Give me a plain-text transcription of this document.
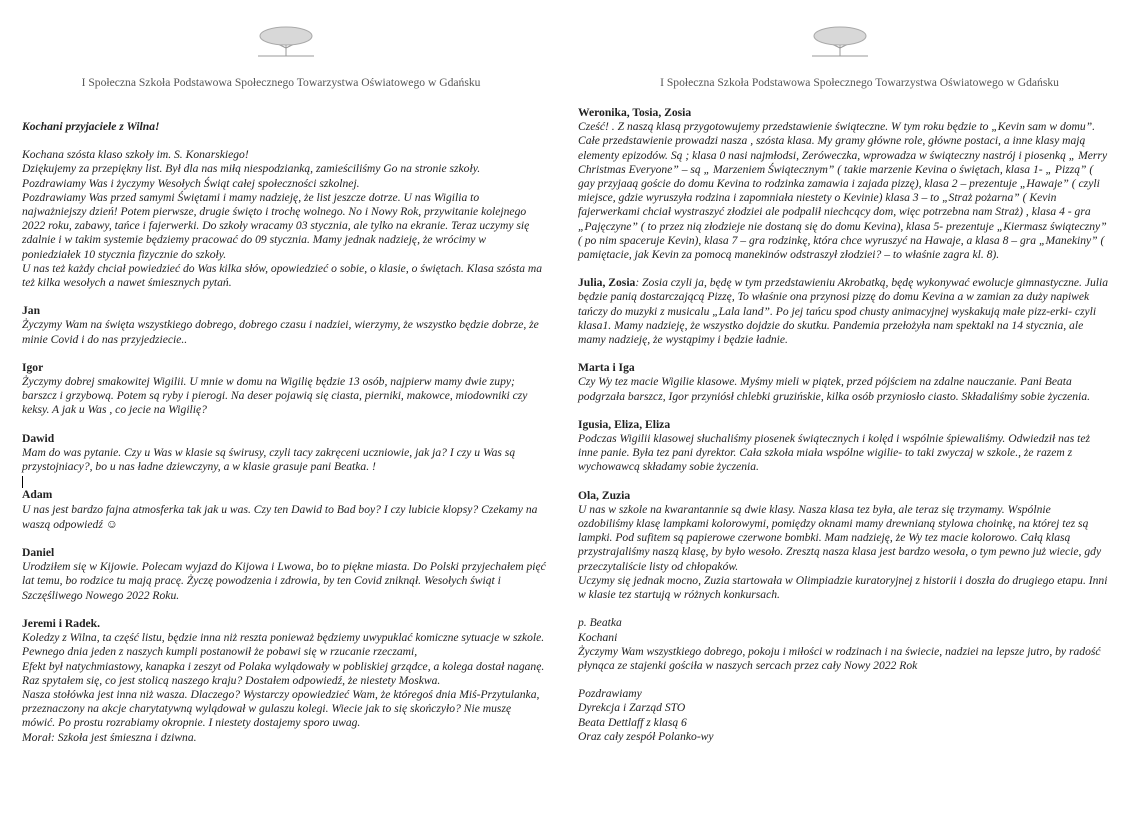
I Społeczna Szkoła Podstawowa Społecznego Towarzystwa Oświatowego w Gdańsku

Kochani przyjaciele z Wilna!

Kochana szósta klaso szkoły im. S. Konarskiego!

Dziękujemy za przepiękny list. Był dla nas miłą niespodzianką, zamieściliśmy Go na stronie szkoły.

Pozdrawiamy Was i życzymy Wesołych Świąt całej społeczności szkolnej.

Pozdrawiamy Was przed samymi Świętami i mamy nadzieję, że list jeszcze dotrze. U nas Wigilia to najważniejszy dzień! Potem pierwsze, drugie święto i trochę wolnego. No i Nowy Rok, przywitanie kolejnego 2022 roku, zabawy, tańce i fajerwerki. Do szkoły wracamy 03 stycznia, ale tylko na ekranie. Teraz uczymy się zdalnie i w takim systemie będziemy pracować do 09 stycznia. Mamy jednak nadzieję, że wrócimy w poniedziałek 10 stycznia fizycznie do szkoły.

U nas też każdy chciał powiedzieć do Was kilka słów, opowiedzieć o sobie, o klasie, o świętach. Klasa szósta ma też kilka wesołych a nawet śmiesznych pytań.

Jan

Życzymy Wam na święta wszystkiego dobrego, dobrego czasu i nadziei, wierzymy, że wszystko będzie dobrze, że minie Covid i do nas przyjedziecie..

Igor

Życzymy dobrej smakowitej Wigilii. U mnie w domu na Wigilię będzie 13 osób, najpierw mamy dwie zupy; barszcz i grzybową. Potem są ryby i pierogi. Na deser pojawią się ciasta, pierniki, makowce, miodowniki czy keksy. A jak u Was , co jecie na Wigilię?

Dawid

Mam do was pytanie. Czy u Was w klasie są świrusy, czyli tacy zakręceni uczniowie, jak ja? I czy u Was są przystojniacy?, bo u nas ładne dziewczyny, a w klasie grasuje pani Beatka. !

Adam

U nas jest bardzo fajna atmosferka tak jak u was. Czy ten Dawid to Bad boy? I czy lubicie klopsy? Czekamy na waszą odpowiedź ☺

Daniel

Urodziłem się w Kijowie. Polecam wyjazd do Kijowa i Lwowa, bo to piękne miasta. Do Polski przyjechałem pięć lat temu, bo rodzice tu mają pracę. Życzę powodzenia i zdrowia, by ten Covid zniknął. Wesołych świąt i Szczęśliwego Nowego 2022 Roku.

Jeremi i Radek.

Koledzy z Wilna, ta część listu, będzie inna niż reszta ponieważ będziemy uwypuklać komiczne sytuacje w szkole.

Pewnego dnia jeden z naszych kumpli postanowił że pobawi się w rzucanie rzeczami,

Efekt był natychmiastowy, kanapka i zeszyt od Polaka wylądowały w pobliskiej grządce, a kolega dostał naganę. Raz spytałem się, co jest stolicą naszego kraju? Dostałem odpowiedź, że niestety Moskwa.

Nasza stołówka jest inna niż wasza. Dlaczego? Wystarczy opowiedzieć Wam, że któregoś dnia Miś-Przytulanka, przeznaczony na akcje charytatywną wylądował w gulaszu kolegi. Wiecie jak to się skończyło? Nie muszę mówić. Po prostu rozrabiamy okropnie. I niestety dostajemy sporo uwag.

Morał: Szkoła jest śmieszna i dziwna.

I Społeczna Szkoła Podstawowa Społecznego Towarzystwa Oświatowego w Gdańsku

Weronika, Tosia, Zosia

Cześć! . Z naszą klasą przygotowujemy przedstawienie świąteczne. W tym roku będzie to „Kevin sam w domu”. Całe przedstawienie prowadzi nasza , szósta klasa. My gramy główne role, główne postaci, a inne klasy mają elementy epizodów. Są ; klasa 0 nasi najmłodsi, Zeróweczka, wprowadza w świąteczny nastrój i piosenką „ Merry Christmas Everyone” – są „ Marzeniem Świątecznym” ( takie marzenie Kevina o świętach, klasa 1- „ Pizzą” ( gay przyjaaą goście do domu Kevina to rodzinka zamawia i zajada pizzę), klasa 2 – prezentuje „Hawaje” ( czyli miejsce, gdzie wyruszyła rodzina i zapomniała niestety o Kevinie) klasa 3 – to „Straż pożarna” ( Kevin fajerwerkami chciał wystraszyć złodziei ale podpalił niechcący dom, więc potrzebna nam Straż) , klasa 4 - gra „Pajęczyne” ( to przez nią złodzieje nie dostaną się do domu Kevina), klasa 5- prezentuje „Kiermasz świąteczny” ( po nim spaceruje Kevin), klasa 7 – gra rodzinkę, która chce wyruszyć na Hawaje, a klasa 8 – gra „Manekiny” ( pamiętacie, jak Kevin za pomocą manekinów odstraszył złodziei? – to właśnie zagra kl. 8).

Julia, Zosia: Zosia czyli ja, będę w tym przedstawieniu Akrobatką, będę wykonywać ewolucje gimnastyczne. Julia będzie panią dostarczającą Pizzę, To właśnie ona przynosi pizzę do domu Kevina a w zamian za duży napiwek tańczy do muzyki z musicalu „Lala land”. Po jej tańcu spod chusty animacyjnej wyskakują małe pizz-erki- czyli klasa1. Mamy nadzieję, że wszystko dojdzie do skutku. Pandemia przełożyła nam spektakl na 14 stycznia, ale mamy nadzieję, że wystąpimy i będzie ładnie.

Marta i Iga

Czy Wy tez macie Wigilie klasowe. Myśmy mieli w piątek, przed pójściem na zdalne nauczanie. Pani Beata podgrzała barszcz, Igor przyniósł chlebki gruzińskie, kilka osób przyniosło ciasto. Składaliśmy sobie życzenia.

Igusia, Eliza, Eliza

Podczas Wigilii klasowej słuchaliśmy piosenek świątecznych i kolęd i wspólnie śpiewaliśmy. Odwiedził nas też inne panie. Była tez pani dyrektor. Cała szkoła miała wspólne wigilie- to taki zwyczaj w szkole., że razem z wychowawcą składamy sobie życzenia.

Ola, Zuzia

U nas w szkole na kwarantannie są dwie klasy. Nasza klasa tez była, ale teraz się trzymamy. Wspólnie ozdobiliśmy klasę lampkami kolorowymi, pomiędzy oknami mamy drewnianą stylowa choinkę, na której tez są lampki. Pod sufitem są papierowe czerwone bombki. Mam nadzieję, że Wy tez macie kolorowo. Całą klasą przystrajaliśmy naszą klasę, by było wesoło. Zresztą nasza klasa jest bardzo wesoła, o tym pewno już wiecie, gdy przeczytaliście listy od chłopaków.

Uczymy się jednak mocno, Zuzia startowała w Olimpiadzie kuratoryjnej z historii i doszła do drugiego etapu. Inni w klasie tez startują w różnych konkursach.

p. Beatka

Kochani

Życzymy Wam wszystkiego dobrego, pokoju i miłości w rodzinach i na świecie, nadziei na lepsze jutro, by radość płynąca ze stajenki gościła w naszych sercach przez cały Nowy 2022 Rok

Pozdrawiamy

Dyrekcja i Zarząd STO

Beata Dettlaff z klasą 6

Oraz cały zespół Polanko-wy
